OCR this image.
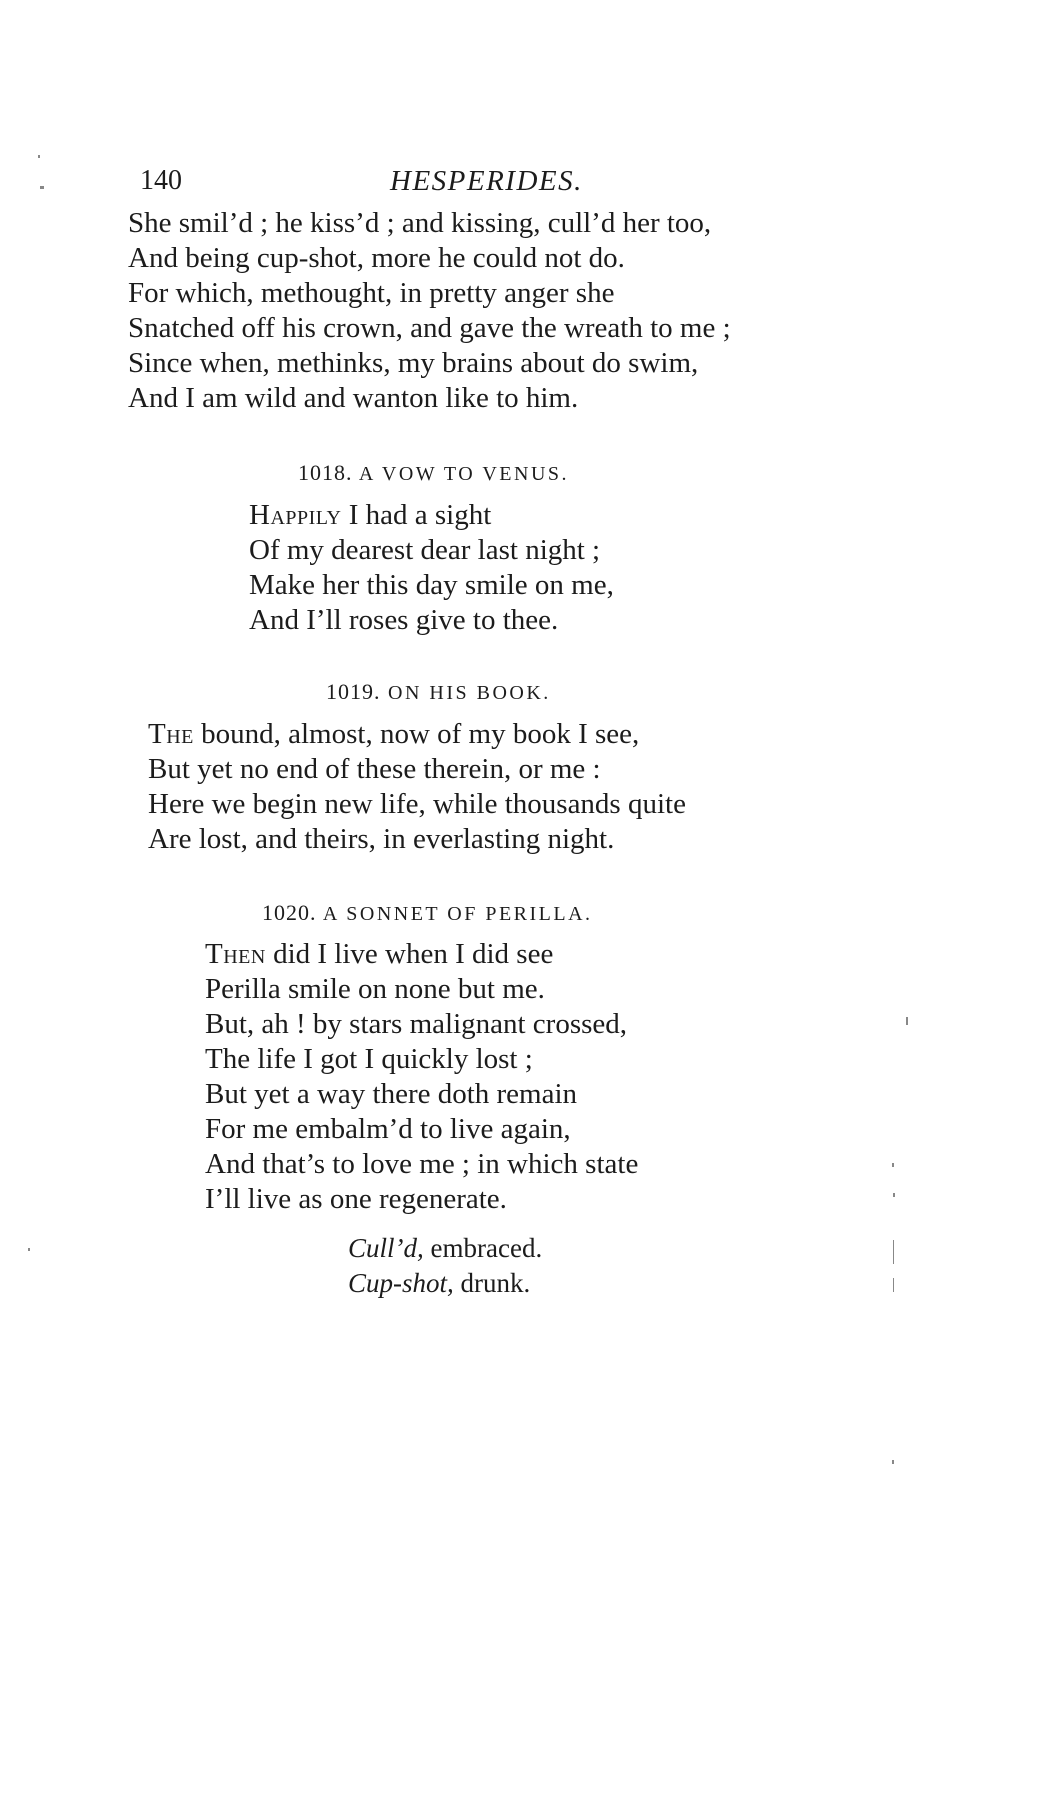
140	HESPERIDES.
She smil’d ; he kiss’d ; and kissing, cull’d her too,
And being cup-shot, more he could not do.
For which, methought, in pretty anger she
Snatched off his crown, and gave the wreath to me ;
Since when, methinks, my brains about do swim,
And I am wild and wanton like to him.
1018. A VOW TO VENUS.
Happily I had a sight
Of my dearest dear last night ;
Make her this day smile on me,
And I’ll roses give to thee.
1019. ON HIS BOOK.
The bound, almost, now of my book I see,
But yet no end of these therein, or me :
Here we begin new life, while thousands quite
Are lost, and theirs, in everlasting night.
1020. A SONNET OF PERILLA.
Then did I live when I did see
Perilla smile on none but me.
But, ah ! by stars malignant crossed,
The life I got I quickly lost ;
But yet a way there doth remain
For me embalm’d to live again,
And that’s to love me ; in which state
I’ll live as one regenerate.
Cull’d, embraced.
Cup-shot, drunk.
